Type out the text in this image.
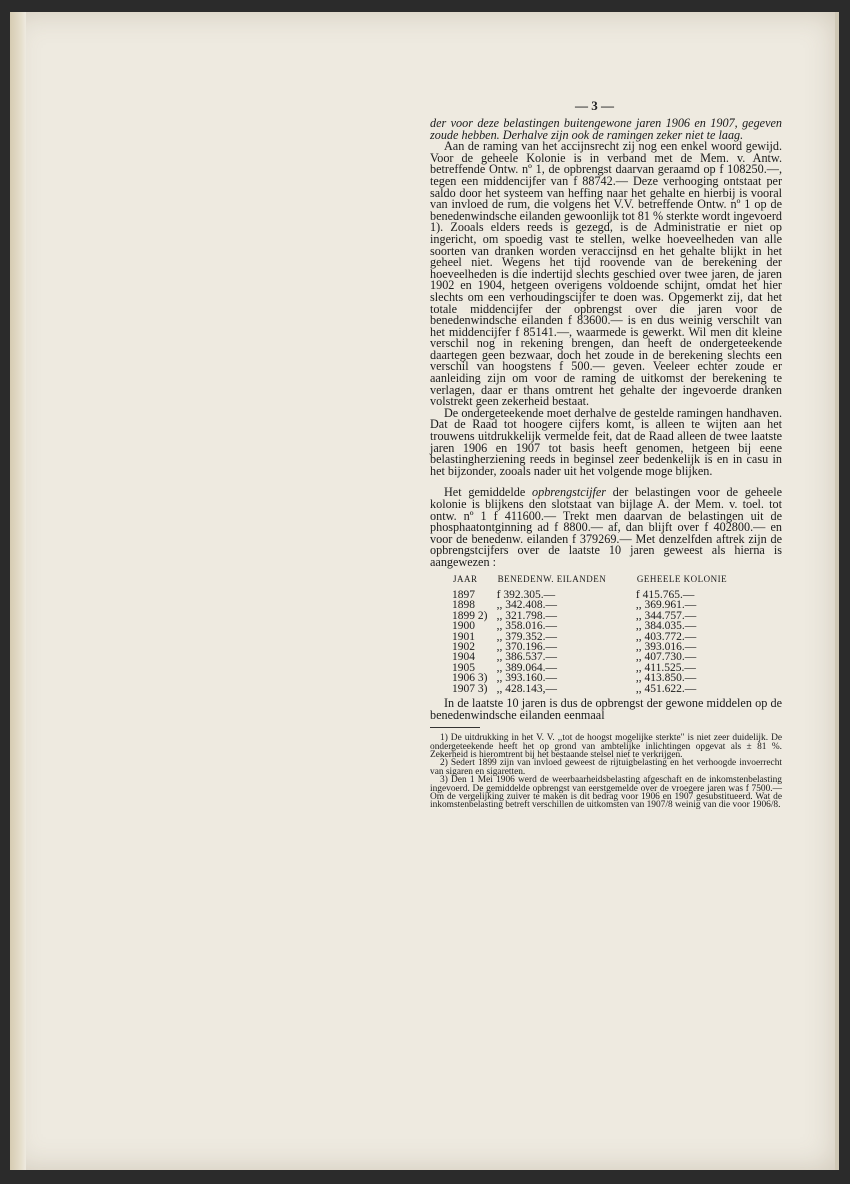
— 3 —

der voor deze belastingen buitengewone jaren 1906 en 1907, gegeven zoude hebben. Derhalve zijn ook de ramingen zeker niet te laag.

Aan de raming van het accijnsrecht zij nog een enkel woord gewijd. Voor de geheele Kolonie is in verband met de Mem. v. Antw. betreffende Ontw. nº 1, de opbrengst daarvan geraamd op f 108250.—, tegen een middencijfer van f 88742.— Deze verhooging ontstaat per saldo door het systeem van heffing naar het gehalte en hierbij is vooral van invloed de rum, die volgens het V.V. betreffende Ontw. nº 1 op de benedenwindsche eilanden gewoonlijk tot 81 % sterkte wordt ingevoerd 1). Zooals elders reeds is gezegd, is de Administratie er niet op ingericht, om spoedig vast te stellen, welke hoeveelheden van alle soorten van dranken worden veraccijnsd en het gehalte blijkt in het geheel niet. Wegens het tijd roovende van de berekening der hoeveelheden is die indertijd slechts geschied over twee jaren, de jaren 1902 en 1904, hetgeen overigens voldoende schijnt, omdat het hier slechts om een verhoudingscijfer te doen was. Opgemerkt zij, dat het totale middencijfer der opbrengst over die jaren voor de benedenwindsche eilanden f 83600.— is en dus weinig verschilt van het middencijfer f 85141.—, waarmede is gewerkt. Wil men dit kleine verschil nog in rekening brengen, dan heeft de ondergeteekende daartegen geen bezwaar, doch het zoude in de berekening slechts een verschil van hoogstens f 500.— geven. Veeleer echter zoude er aanleiding zijn om voor de raming de uitkomst der berekening te verlagen, daar er thans omtrent het gehalte der ingevoerde dranken volstrekt geen zekerheid bestaat.

De ondergeteekende moet derhalve de gestelde ramingen handhaven. Dat de Raad tot hoogere cijfers komt, is alleen te wijten aan het trouwens uitdrukkelijk vermelde feit, dat de Raad alleen de twee laatste jaren 1906 en 1907 tot basis heeft genomen, hetgeen bij eene belastingherziening reeds in beginsel zeer bedenkelijk is en in casu in het bijzonder, zooals nader uit het volgende moge blijken.

Het gemiddelde opbrengstcijfer der belastingen voor de geheele kolonie is blijkens den slotstaat van bijlage A. der Mem. v. toel. tot ontw. nº 1 f 411600.— Trekt men daarvan de belastingen uit de phosphaatontginning ad f 8800.— af, dan blijft over f 402800.— en voor de benedenw. eilanden f 379269.— Met denzelfden aftrek zijn de opbrengstcijfers over de laatste 10 jaren geweest als hierna is aangewezen :

JAAR	BENEDENW. EILANDEN	GEHEELE KOLONIE
1897	f 392.305.—	f 415.765.—
1898	,, 342.408.—	,, 369.961.—
1899 2)	,, 321.798.—	,, 344.757.—
1900	,, 358.016.—	,, 384.035.—
1901	,, 379.352.—	,, 403.772.—
1902	,, 370.196.—	,, 393.016.—
1904	,, 386.537.—	,, 407.730.—
1905	,, 389.064.—	,, 411.525.—
1906 3)	,, 393.160.—	,, 413.850.—
1907 3)	,, 428.143,—	,, 451.622.—

In de laatste 10 jaren is dus de opbrengst der gewone middelen op de benedenwindsche eilanden eenmaal

1) De uitdrukking in het V. V. ,,tot de hoogst mogelijke sterkte" is niet zeer duidelijk. De ondergeteekende heeft het op grond van ambtelijke inlichtingen opgevat als ± 81 %. Zekerheid is hieromtrent bij het bestaande stelsel niet te verkrijgen.

2) Sedert 1899 zijn van invloed geweest de rijtuigbelasting en het verhoogde invoerrecht van sigaren en sigaretten.

3) Den 1 Mei 1906 werd de weerbaarheidsbelasting afgeschaft en de inkomstenbelasting ingevoerd. De gemiddelde opbrengst van eerstgemelde over de vroegere jaren was f 7500.— Om de vergelijking zuiver te maken is dit bedrag voor 1906 en 1907 gesubstitueerd. Wat de inkomstenbelasting betreft verschillen de uitkomsten van 1907/8 weinig van die voor 1906/8.
